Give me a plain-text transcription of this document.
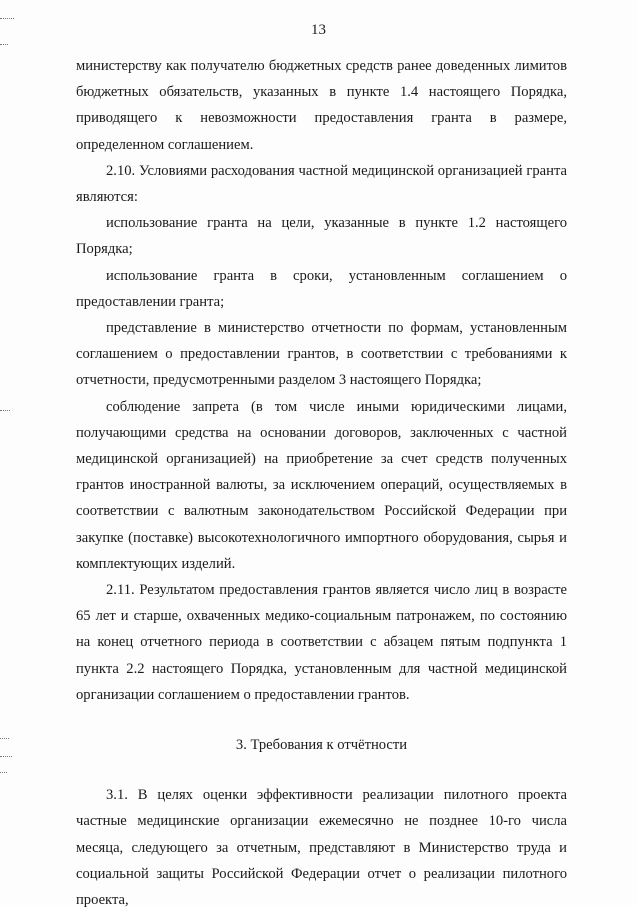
13

министерству как получателю бюджетных средств ранее доведенных лимитов бюджетных обязательств, указанных в пункте 1.4 настоящего Порядка, приводящего к невозможности предоставления гранта в размере, определенном соглашением.

2.10. Условиями расходования частной медицинской организацией гранта являются:

использование гранта на цели, указанные в пункте 1.2 настоящего Порядка;

использование гранта в сроки, установленным соглашением о предоставлении гранта;

представление в министерство отчетности по формам, установленным соглашением о предоставлении грантов, в соответствии с требованиями к отчетности, предусмотренными разделом 3 настоящего Порядка;

соблюдение запрета (в том числе иными юридическими лицами, получающими средства на основании договоров, заключенных с частной медицинской организацией) на приобретение за счет средств полученных грантов иностранной валюты, за исключением операций, осуществляемых в соответствии с валютным законодательством Российской Федерации при закупке (поставке) высокотехнологичного импортного оборудования, сырья и комплектующих изделий.

2.11. Результатом предоставления грантов является число лиц в возрасте 65 лет и старше, охваченных медико-социальным патронажем, по состоянию на конец отчетного периода в соответствии с абзацем пятым подпункта 1 пункта 2.2 настоящего Порядка, установленным для частной медицинской организации соглашением о предоставлении грантов.

3. Требования к отчётности

3.1. В целях оценки эффективности реализации пилотного проекта частные медицинские организации ежемесячно не позднее 10-го числа месяца, следующего за отчетным, представляют в Министерство труда и социальной защиты Российской Федерации отчет о реализации пилотного проекта,
